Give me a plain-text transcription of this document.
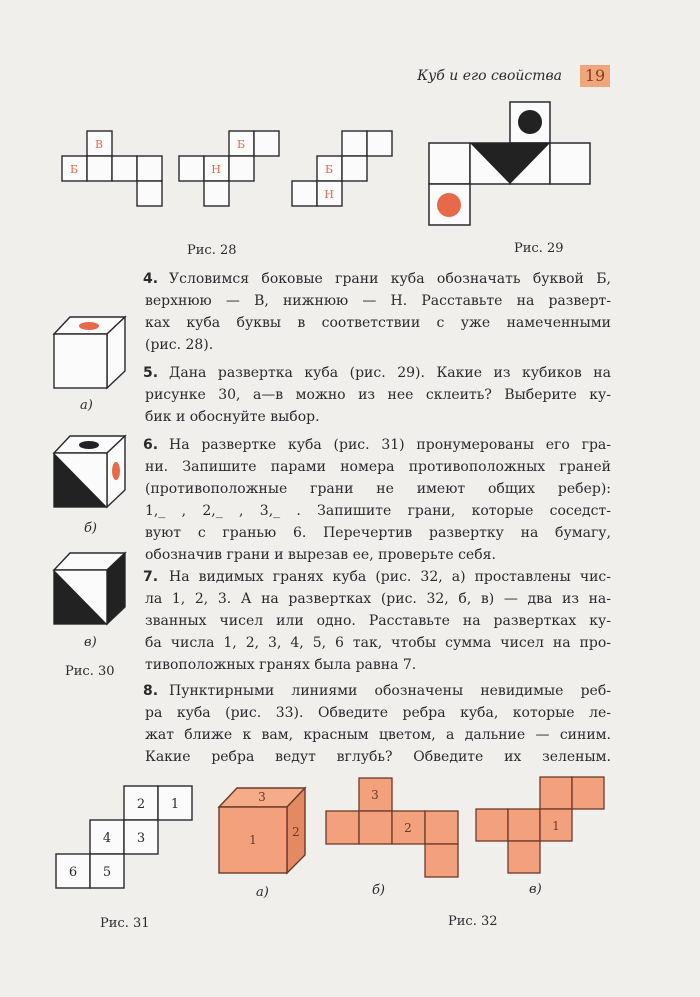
Куб и его свойства	19
В
Б
Б
Н	Б
Н
Рис. 28	Рис. 29
а)
б)
в)
Рис. 30
4. Условимся боковые грани куба обозначать буквой Б,
верхнюю — В, нижнюю — Н. Расставьте на разверт-
ках куба буквы в соответствии с уже намеченными
(рис. 28).
5. Дана развертка куба (рис. 29). Какие из кубиков на
рисунке 30, а—в можно из нее склеить? Выберите ку-
бик и обоснуйте выбор.
6. На развертке куба (рис. 31) пронумерованы его гра-
ни. Запишите парами номера противоположных граней
(противоположные грани не имеют общих ребер):
1,_ , 2,_ , 3,_ . Запишите грани, которые соседст-
вуют с гранью 6. Перечертив развертку на бумагу,
обозначив грани и вырезав ее, проверьте себя.
7. На видимых гранях куба (рис. 32, а) проставлены чис-
ла 1, 2, 3. А на развертках (рис. 32, б, в) — два из на-
званных чисел или одно. Расставьте на развертках ку-
ба числа 1, 2, 3, 4, 5, 6 так, чтобы сумма чисел на про-
тивоположных гранях была равна 7.
8. Пунктирными линиями обозначены невидимые реб-
ра куба (рис. 33). Обведите ребра куба, которые ле-
жат ближе к вам, красным цветом, а дальние — синим.
Какие ребра ведут вглубь? Обведите их зеленым.
2 1
4 3
6 5
Рис. 31
3
1
2
а)
3
2
б)
1
в)
Рис. 32
